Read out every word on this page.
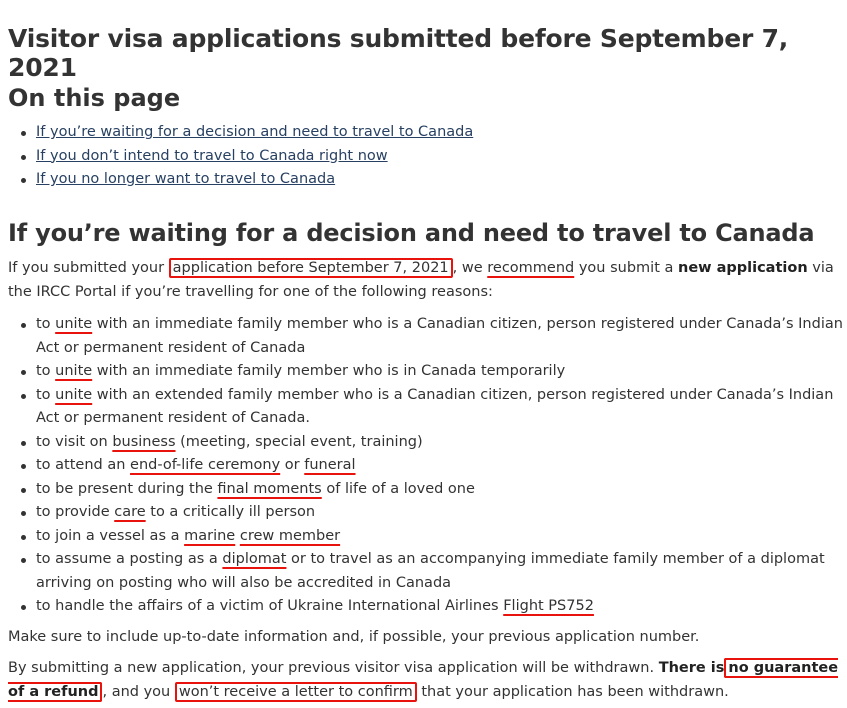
Visitor visa applications submitted before September 7, 2021
On this page
If you’re waiting for a decision and need to travel to Canada
If you don’t intend to travel to Canada right now
If you no longer want to travel to Canada
If you’re waiting for a decision and need to travel to Canada

If you submitted your application before September 7, 2021 , we recommend you submit a new application via the IRCC Portal if you’re travelling for one of the following reasons:

to unite with an immediate family member who is a Canadian citizen, person registered under Canada’s Indian Act or permanent resident of Canada
to unite with an immediate family member who is in Canada temporarily
to unite with an extended family member who is a Canadian citizen, person registered under Canada’s Indian Act or permanent resident of Canada.
to visit on business (meeting, special event, training)
to attend an end-of-life ceremony or funeral
to be present during the final moments of life of a loved one
to provide care to a critically ill person
to join a vessel as a marine crew member
to assume a posting as a diplomat or to travel as an accompanying immediate family member of a diplomat arriving on posting who will also be accredited in Canada
to handle the affairs of a victim of Ukraine International Airlines Flight PS752

Make sure to include up-to-date information and, if possible, your previous application number.

By submitting a new application, your previous visitor visa application will be withdrawn. There is no guarantee of a refund , and you won’t receive a letter to confirm that your application has been withdrawn.
